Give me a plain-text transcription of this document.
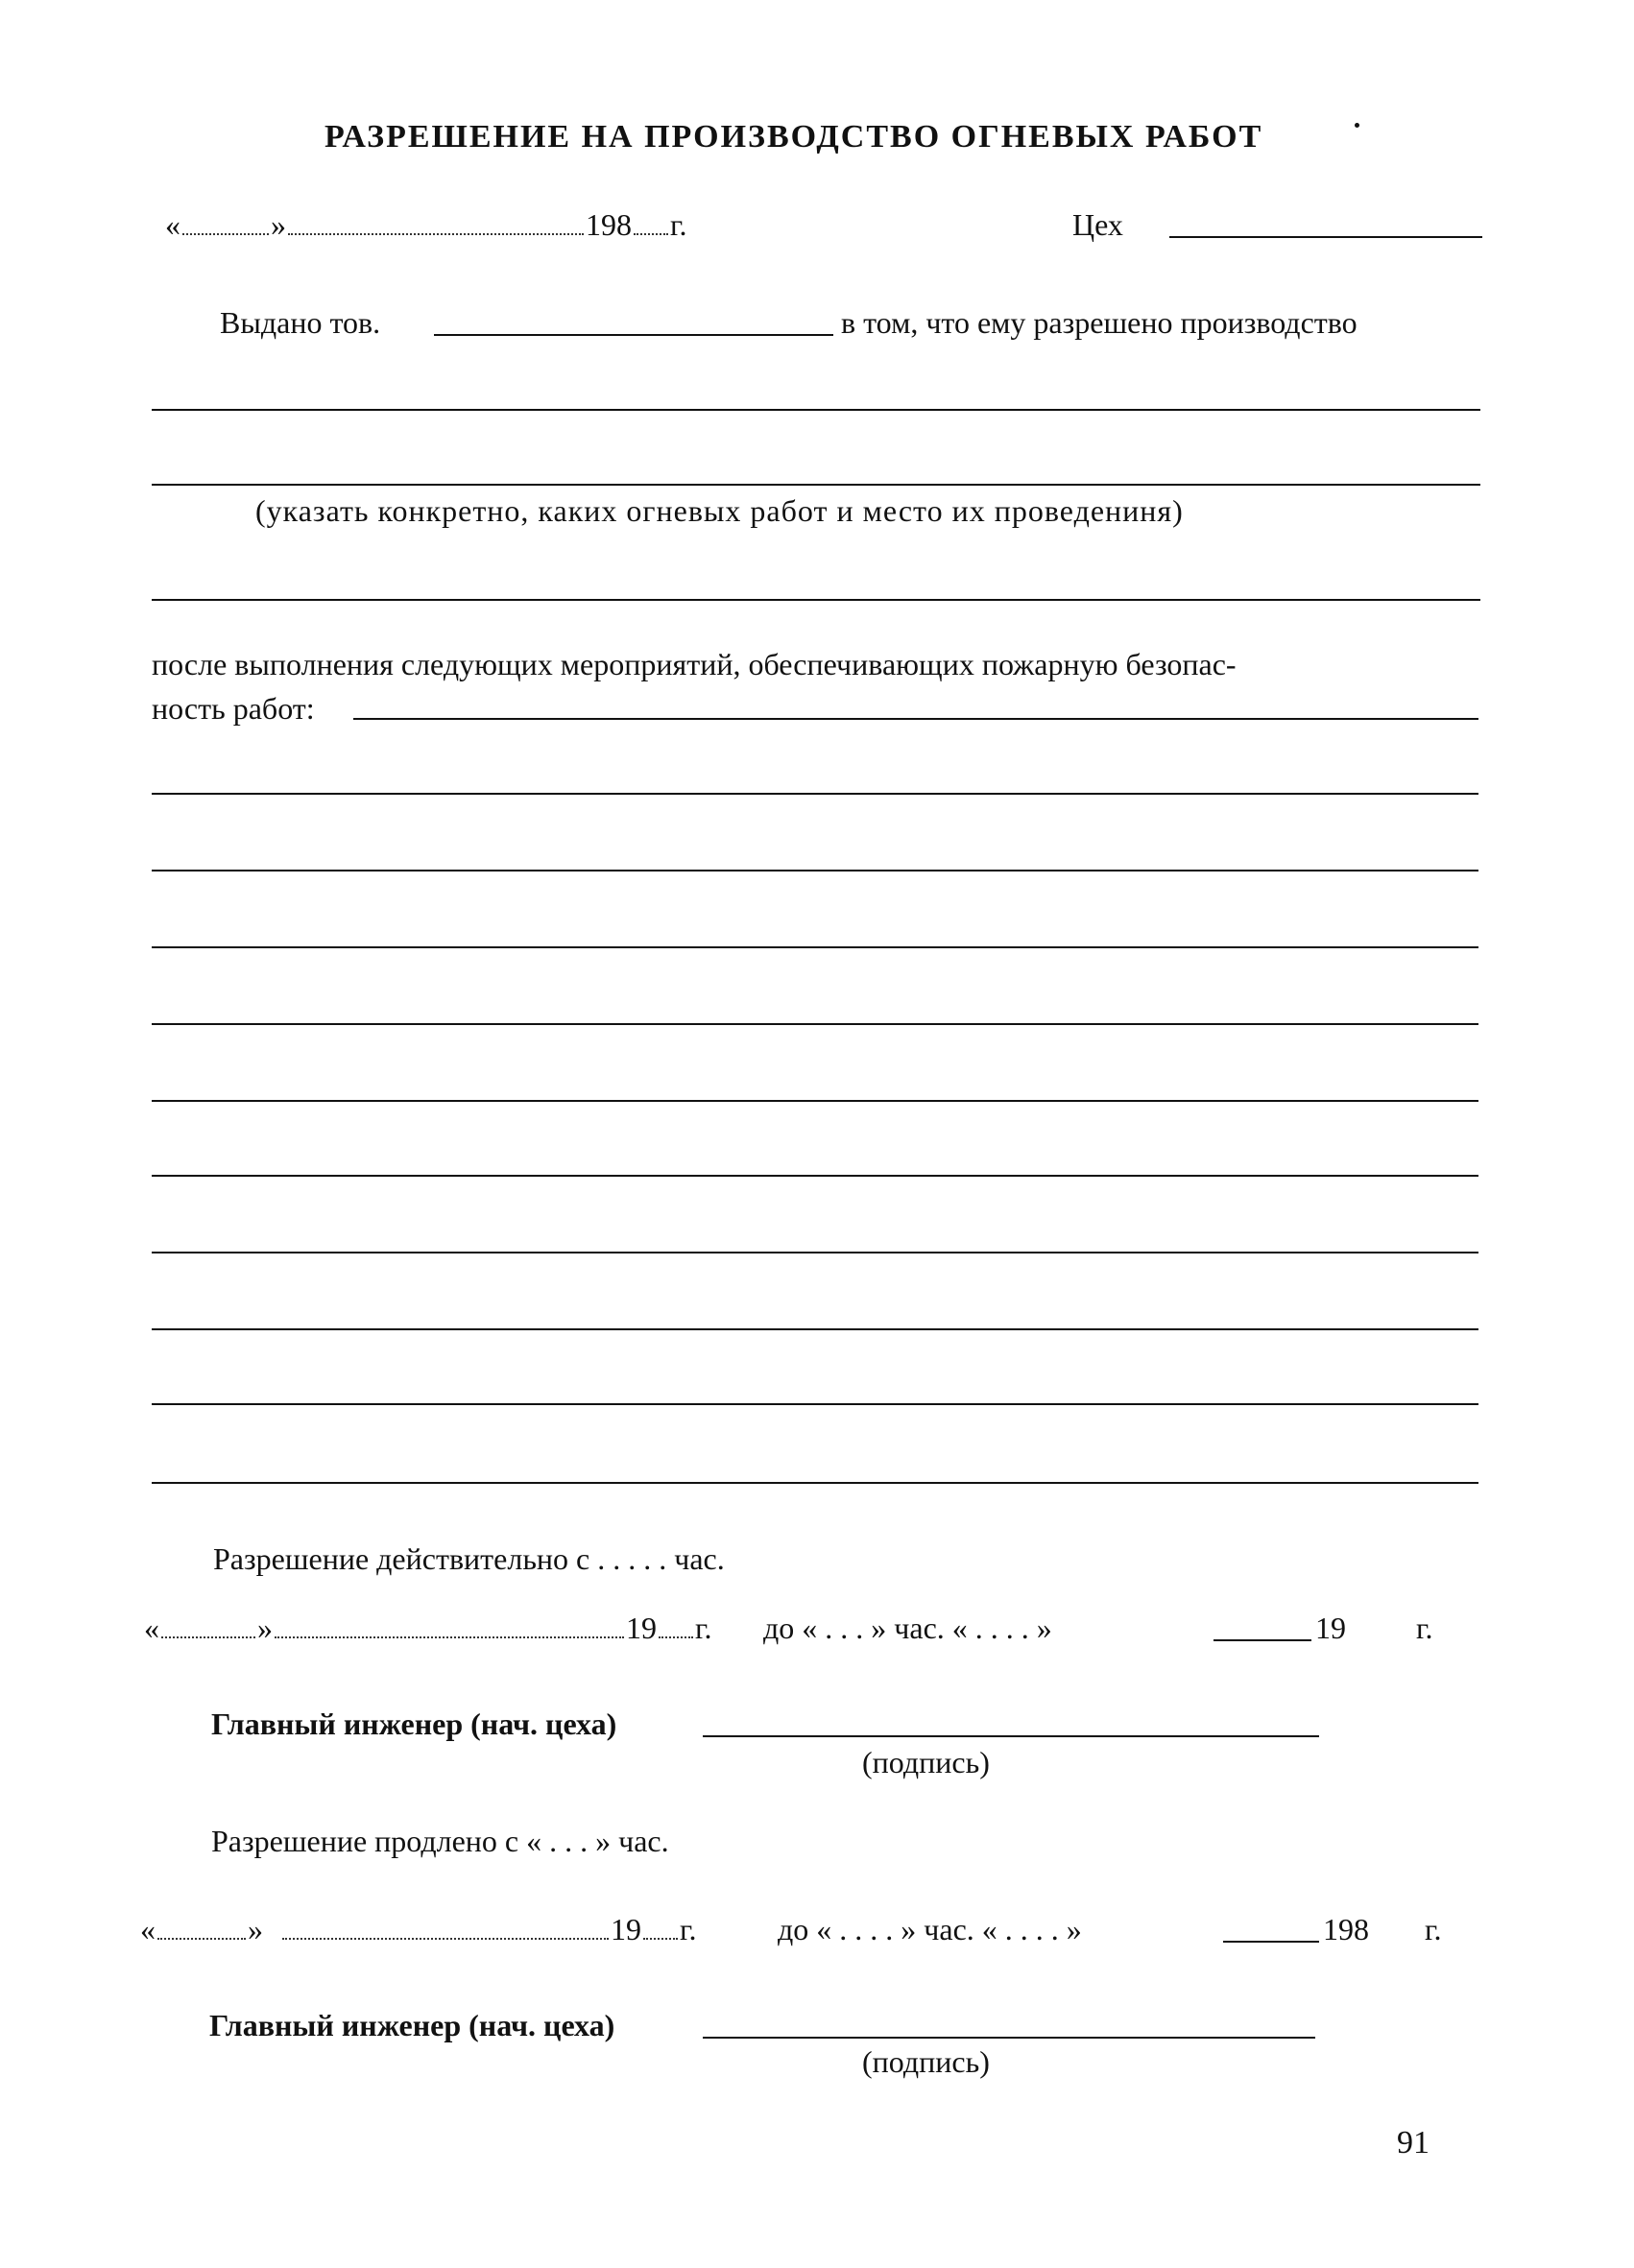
РАЗРЕШЕНИЕ НА ПРОИЗВОДСТВО ОГНЕВЫХ РАБОТ
«	»	198 г.	Цех
Выдано тов.	в том, что ему разрешено производство
(указать конкретно, каких огневых работ и место их проведениня)
после выполнения следующих мероприятий, обеспечивающих пожарную безопас-
ность работ:
Разрешение действительно с . . . . . час.
«	»	19 г. до « . . . » час. « . . . . »	19 г.
Главный инженер (нач. цеха)
(подпись)
Разрешение продлено с « . . . » час.
«	»	19 г.	до « . . . . » час. « . . . . »	198 г.
Главный инженер (нач. цеха)
(подпись)
91
